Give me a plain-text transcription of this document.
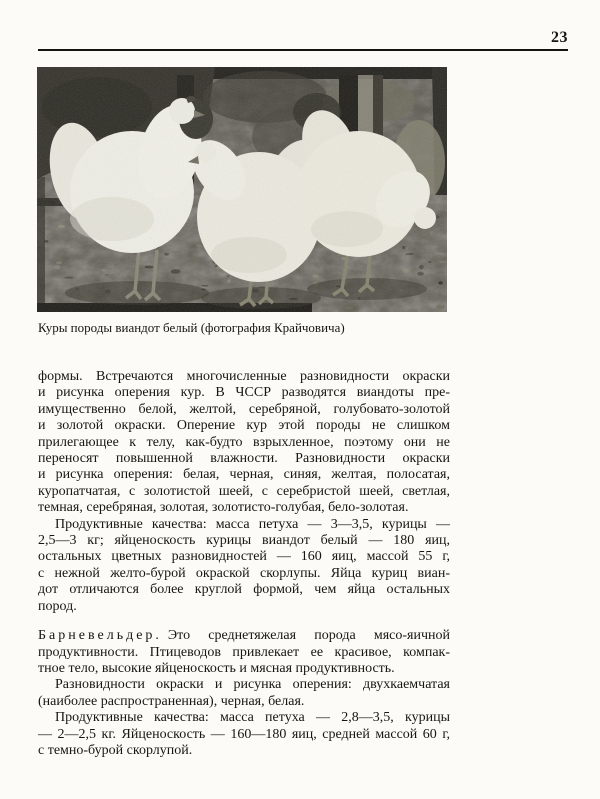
23
Куры породы виандот белый (фотография Крайчовича)

формы. Встречаются многочисленные разновидности окраски
и рисунка оперения кур. В ЧССР разводятся виандоты пре-
имущественно белой, желтой, серебряной, голубовато-золотой
и золотой окраски. Оперение кур этой породы не слишком
прилегающее к телу, как-будто взрыхленное, поэтому они не
переносят повышенной влажности. Разновидности окраски
и рисунка оперения: белая, черная, синяя, желтая, полосатая,
куропатчатая, с золотистой шеей, с серебристой шеей, светлая,
темная, серебряная, золотая, золотисто-голубая, бело-золотая.

Продуктивные качества: масса петуха — 3—3,5, курицы —
2,5—3 кг; яйценоскость курицы виандот белый — 180 яиц,
остальных цветных разновидностей — 160 яиц, массой 55 г,
с нежной желто-бурой окраской скорлупы. Яйца куриц виан-
дот отличаются более круглой формой, чем яйца остальных
пород.

Барневельдер. Это среднетяжелая порода мясо-яичной
продуктивности. Птицеводов привлекает ее красивое, компак-
тное тело, высокие яйценоскость и мясная продуктивность.

Разновидности окраски и рисунка оперения: двухкаемчатая
(наиболее распространенная), черная, белая.

Продуктивные качества: масса петуха — 2,8—3,5, курицы
— 2—2,5 кг. Яйценоскость — 160—180 яиц, средней массой 60 г,
с темно-бурой скорлупой.
